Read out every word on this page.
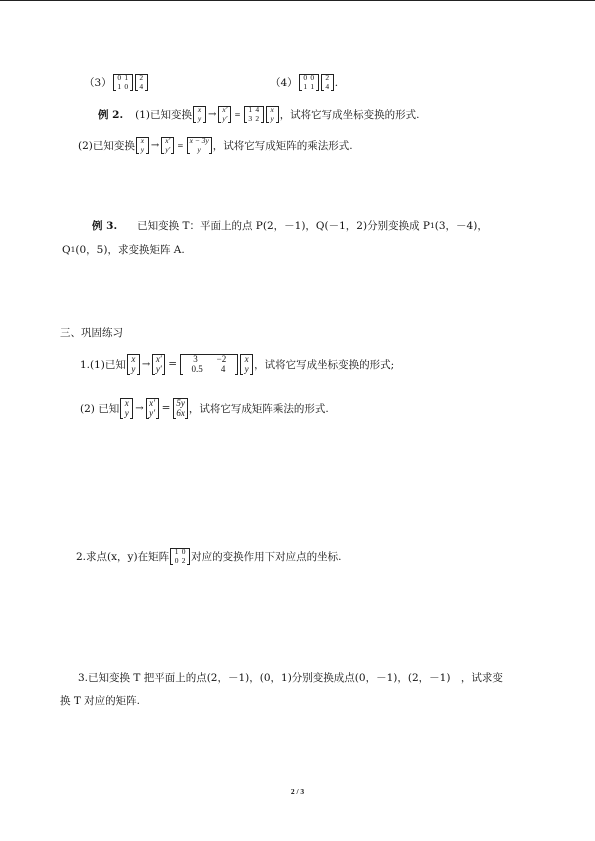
（3） 0 1
1 0
2
4	（4） 0 0
1 1
2
4 .
例 2. (1)已知变换 x
y → x′
y′ =
1 4
3 2
x
y ，试将它写成坐标变换的形式.
(2)已知变换 x
y → x′
y′ =
x − 3y
y ，试将它写成矩阵的乘法形式.
例 3. 已知变换 T：平面上的点 P(2，－1)，Q(－1，2)分别变换成 P 1 (3，－4)，
Q 1 (0，5)，求变换矩阵 A.
三、巩固练习
1.(1)已知 x
y → x′
y′ = 3 −2
0.5 4
x
y ，试将它写成坐标变换的形式;
(2) 已知 x
y → x′
y′ = 5y
6x ，试将它写成矩阵乘法的形式.
2.求点(x，y)在矩阵 1 0
0 2 对应的变换作用下对应点的坐标.
3.已知变换 T 把平面上的点(2，－1)，(0，1)分别变换成点(0，－1)，(2，－1)　，试求变
换 T 对应的矩阵.
2 / 3
